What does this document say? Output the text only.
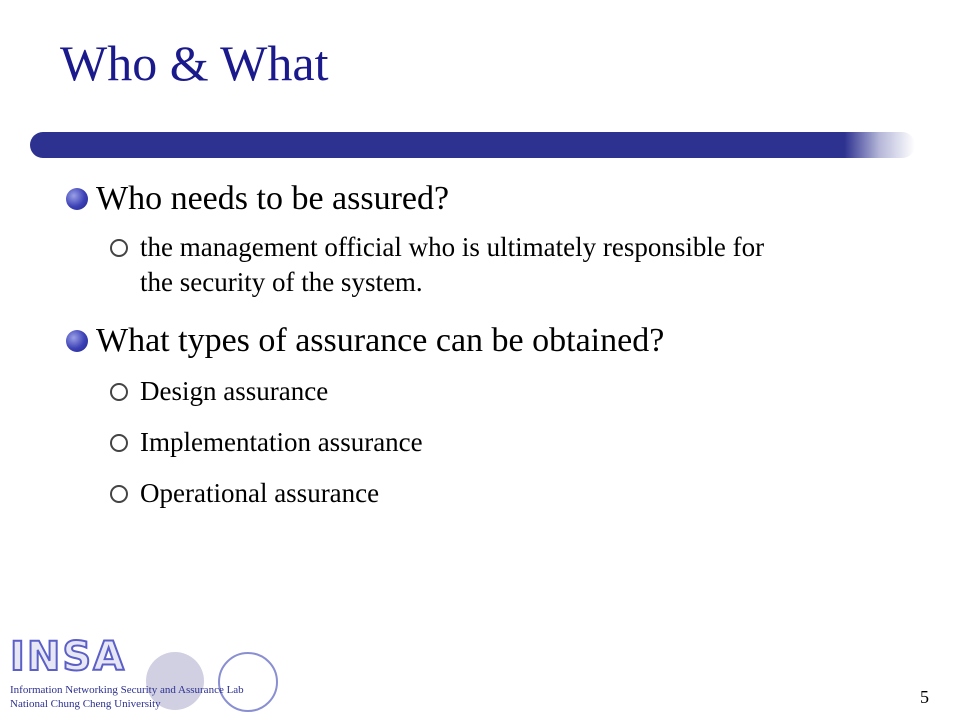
Who & What

Who needs to be assured?

the management official who is ultimately responsible for the security of the system.

What types of assurance can be obtained?

Design assurance
Implementation assurance
Operational assurance

INSA

Information Networking Security and Assurance Lab

National Chung Cheng University	5
